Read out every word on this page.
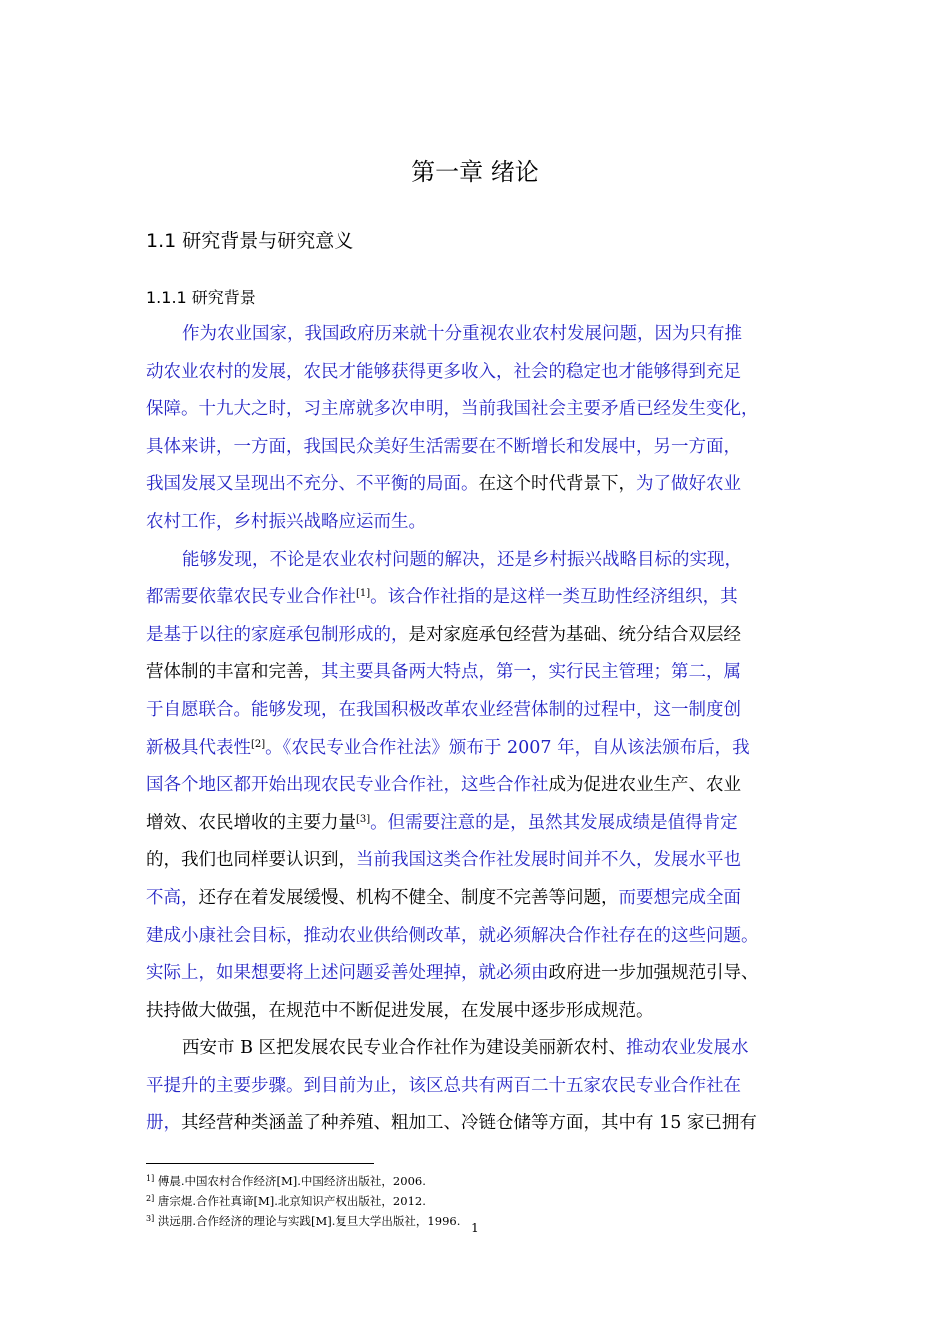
第一章 绪论
1.1 研究背景与研究意义
1.1.1 研究背景
作为农业国家，我国政府历来就十分重视农业农村发展问题，因为只有推
动农业农村的发展，农民才能够获得更多收入，社会的稳定也才能够得到充足
保障。十九大之时，习主席就多次申明，当前我国社会主要矛盾已经发生变化，
具体来讲，一方面，我国民众美好生活需要在不断增长和发展中，另一方面，
我国发展又呈现出不充分、不平衡的局面。在这个时代背景下，为了做好农业
农村工作，乡村振兴战略应运而生。
能够发现，不论是农业农村问题的解决，还是乡村振兴战略目标的实现，
都需要依靠农民专业合作社[1]。该合作社指的是这样一类互助性经济组织，其
是基于以往的家庭承包制形成的，是对家庭承包经营为基础、统分结合双层经
营体制的丰富和完善，其主要具备两大特点，第一，实行民主管理；第二，属
于自愿联合。能够发现，在我国积极改革农业经营体制的过程中，这一制度创
新极具代表性[2]。《农民专业合作社法》颁布于 2007 年，自从该法颁布后，我
国各个地区都开始出现农民专业合作社，这些合作社成为促进农业生产、农业
增效、农民增收的主要力量[3]。但需要注意的是，虽然其发展成绩是值得肯定
的，我们也同样要认识到，当前我国这类合作社发展时间并不久，发展水平也
不高，还存在着发展缓慢、机构不健全、制度不完善等问题，而要想完成全面
建成小康社会目标，推动农业供给侧改革，就必须解决合作社存在的这些问题。
实际上，如果想要将上述问题妥善处理掉，就必须由政府进一步加强规范引导、
扶持做大做强，在规范中不断促进发展，在发展中逐步形成规范。
西安市 B 区把发展农民专业合作社作为建设美丽新农村、推动农业发展水
平提升的主要步骤。到目前为止，该区总共有两百二十五家农民专业合作社在
册，其经营种类涵盖了种养殖、粗加工、冷链仓储等方面，其中有 15 家已拥有
$^{1]}$ 傅晨.中国农村合作经济[M].中国经济出版社，2006.
$^{2]}$ 唐宗焜.合作社真谛[M].北京知识产权出版社，2012.
$^{3]}$ 洪远朋.合作经济的理论与实践[M].复旦大学出版社，1996. 1
